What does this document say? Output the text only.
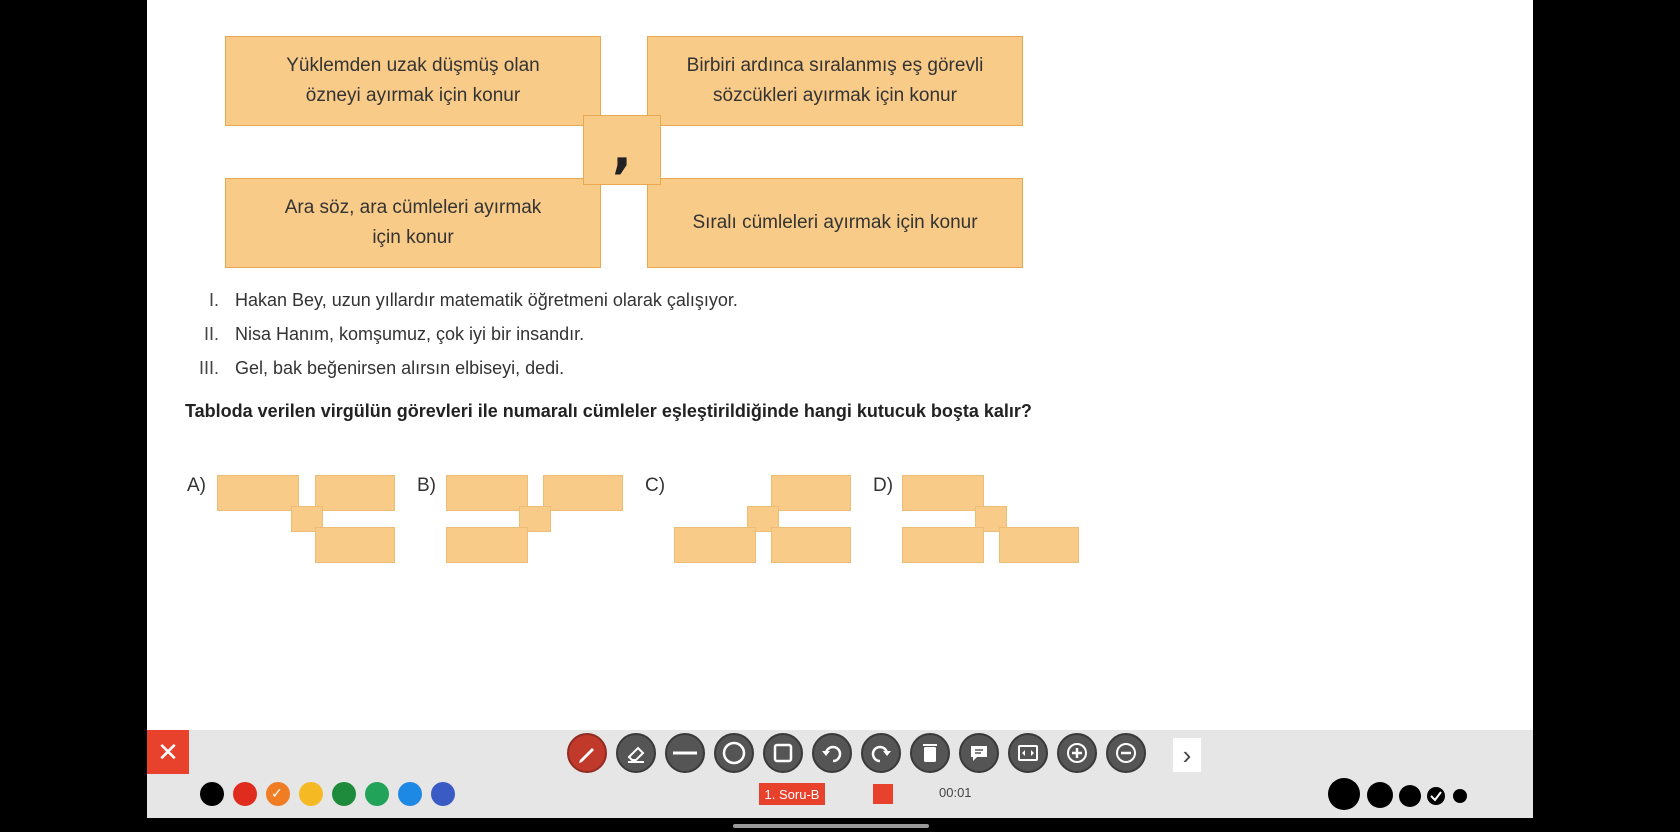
Yüklemden uzak düşmüş olan
özneyi ayırmak için konur
Birbiri ardınca sıralanmış eş görevli
sözcükleri ayırmak için konur
Ara söz, ara cümleleri ayırmak
için konur
Sıralı cümleleri ayırmak için konur
,
I. Hakan Bey, uzun yıllardır matematik öğretmeni olarak çalışıyor.
II. Nisa Hanım, komşumuz, çok iyi bir insandır.
III. Gel, bak beğenirsen alırsın elbiseyi, dedi.
Tabloda verilen virgülün görevleri ile numaralı cümleler eşleştirildiğinde hangi kutucuk boşta kalır?
A)	B)	C)	D)
✕	›
✓
1. Soru-B	00:01
